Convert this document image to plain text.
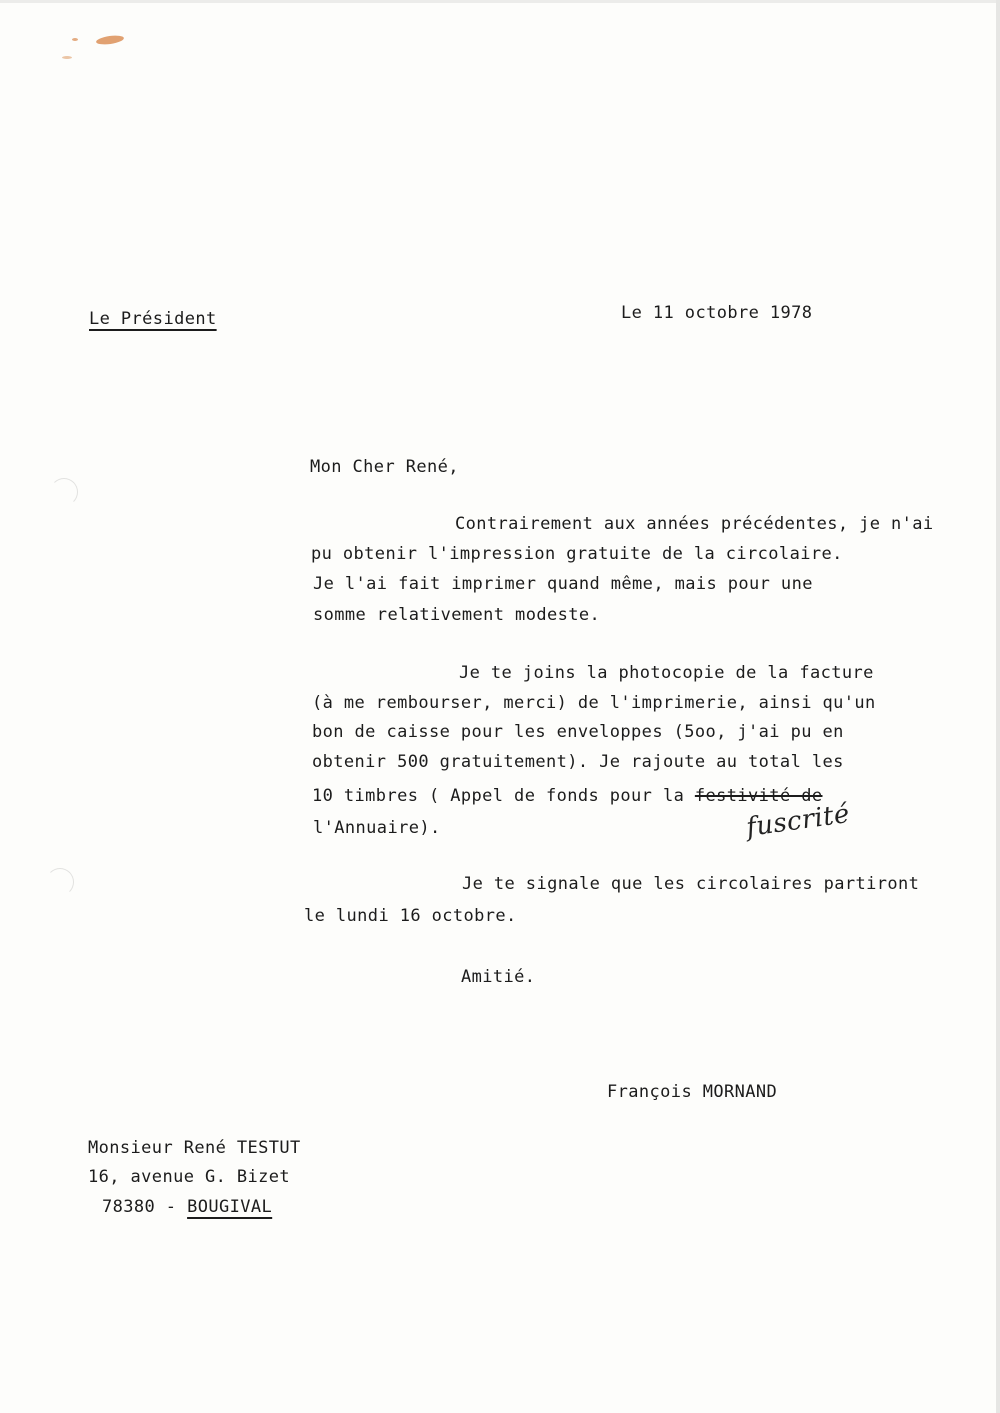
Le Président	Le 11 octobre 1978
Mon Cher René,
Contrairement aux années précédentes, je n'ai
pu obtenir l'impression gratuite de la circolaire.
Je l'ai fait imprimer quand même, mais pour une
somme relativement modeste.
Je te joins la photocopie de la facture
(à me rembourser, merci) de l'imprimerie, ainsi qu'un
bon de caisse pour les enveloppes (5oo, j'ai pu en
obtenir 500 gratuitement). Je rajoute au total les
10 timbres ( Appel de fonds pour la festivité de
l'Annuaire).	fuscrité
Je te signale que les circolaires partiront
le lundi 16 octobre.
Amitié.
François MORNAND
Monsieur René TESTUT
16, avenue G. Bizet
78380 - BOUGIVAL
